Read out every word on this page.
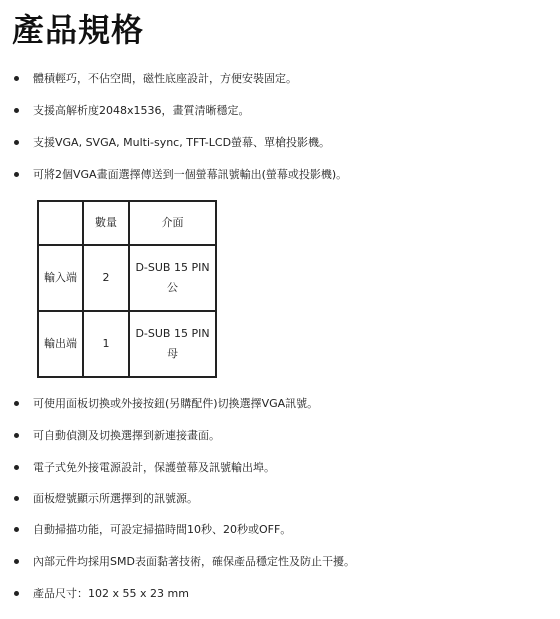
產品規格
體積輕巧，不佔空間，磁性底座設計，方便安裝固定。
支援高解析度2048x1536，畫質清晰穩定。
支援VGA, SVGA, Multi-sync, TFT-LCD螢幕、單槍投影機。
可將2個VGA畫面選擇傳送到一個螢幕訊號輸出(螢幕或投影機)。
	數量	介面
輸入端	2	D-SUB 15 PIN
公

輸出端	1	D-SUB 15 PIN
母
可使用面板切換或外接按鈕(另購配件)切換選擇VGA訊號。
可自動偵測及切換選擇到新連接畫面。
電子式免外接電源設計，保護螢幕及訊號輸出埠。
面板燈號顯示所選擇到的訊號源。
自動掃描功能，可設定掃描時間10秒、20秒或OFF。
內部元件均採用SMD表面黏著技術，確保產品穩定性及防止干擾。
產品尺寸：102 x 55 x 23 mm
